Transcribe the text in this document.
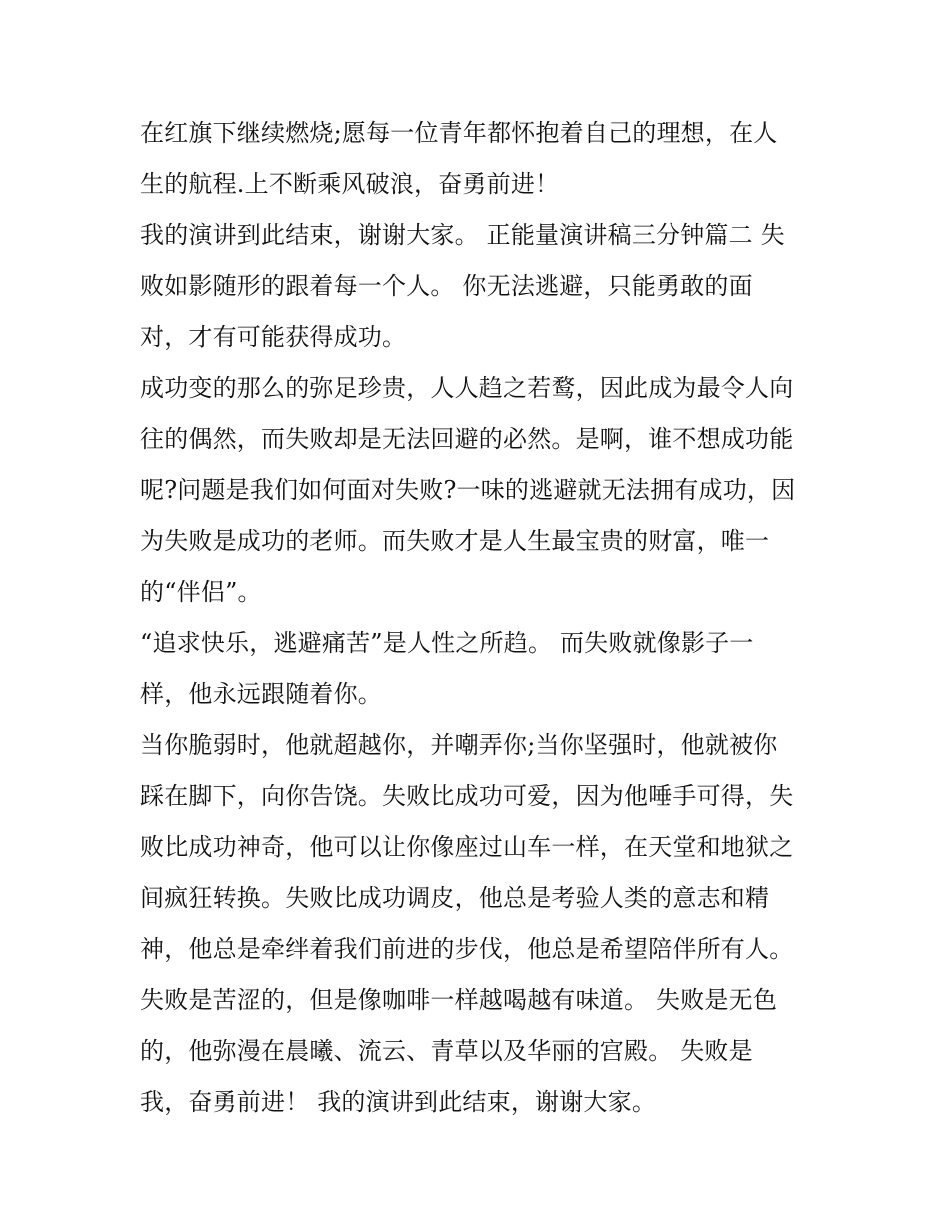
在红旗下继续燃烧;愿每一位青年都怀抱着自己的理想，在人
生的航程.上不断乘风破浪，奋勇前进！
我的演讲到此结束，谢谢大家。 正能量演讲稿三分钟篇二 失
败如影随形的跟着每一个人。 你无法逃避，只能勇敢的面
对，才有可能获得成功。
成功变的那么的弥足珍贵，人人趋之若鹜，因此成为最令人向
往的偶然，而失败却是无法回避的必然。是啊，谁不想成功能
呢?问题是我们如何面对失败?一味的逃避就无法拥有成功，因
为失败是成功的老师。而失败才是人生最宝贵的财富，唯一
的“伴侣”。
“追求快乐，逃避痛苦”是人性之所趋。 而失败就像影子一
样，他永远跟随着你。
当你脆弱时，他就超越你，并嘲弄你;当你坚强时，他就被你
踩在脚下，向你告饶。失败比成功可爱，因为他唾手可得，失
败比成功神奇，他可以让你像座过山车一样，在天堂和地狱之
间疯狂转换。失败比成功调皮，他总是考验人类的意志和精
神，他总是牵绊着我们前进的步伐，他总是希望陪伴所有人。
失败是苦涩的，但是像咖啡一样越喝越有味道。 失败是无色
的，他弥漫在晨曦、流云、青草以及华丽的宫殿。 失败是
我，奋勇前进！ 我的演讲到此结束，谢谢大家。
